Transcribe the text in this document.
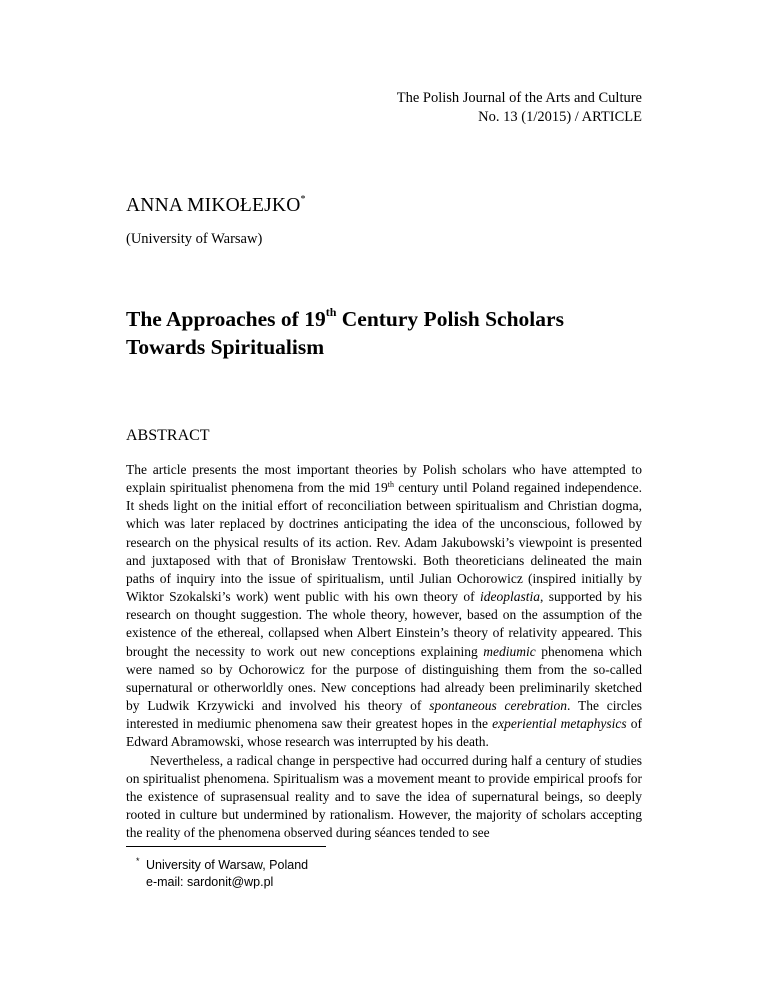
The Polish Journal of the Arts and Culture
No. 13 (1/2015) / ARTICLE
ANNA MIKOŁEJKO*
(University of Warsaw)
The Approaches of 19th Century Polish Scholars Towards Spiritualism
ABSTRACT

The article presents the most important theories by Polish scholars who have attempted to explain spiritualist phenomena from the mid 19th century until Poland regained independence. It sheds light on the initial effort of reconciliation between spiritualism and Christian dogma, which was later replaced by doctrines anticipating the idea of the unconscious, followed by research on the physical results of its action. Rev. Adam Jakubowski’s viewpoint is presented and juxtaposed with that of Bronisław Trentowski. Both theoreticians delineated the main paths of inquiry into the issue of spiritualism, until Julian Ochorowicz (inspired initially by Wiktor Szokalski’s work) went public with his own theory of ideoplastia, supported by his research on thought suggestion. The whole theory, however, based on the assumption of the existence of the ethereal, collapsed when Albert Einstein’s theory of relativity appeared. This brought the necessity to work out new conceptions explaining mediumic phenomena which were named so by Ochorowicz for the purpose of distinguishing them from the so-called supernatural or otherworldly ones. New conceptions had already been preliminarily sketched by Ludwik Krzywicki and involved his theory of spontaneous cerebration. The circles interested in mediumic phenomena saw their greatest hopes in the experiential metaphysics of Edward Abramowski, whose research was interrupted by his death.

Nevertheless, a radical change in perspective had occurred during half a century of studies on spiritualist phenomena. Spiritualism was a movement meant to provide empirical proofs for the existence of suprasensual reality and to save the idea of supernatural beings, so deeply rooted in culture but undermined by rationalism. However, the majority of scholars accepting the reality of the phenomena observed during séances tended to see

* University of Warsaw, Poland
e-mail: sardonit@wp.pl
